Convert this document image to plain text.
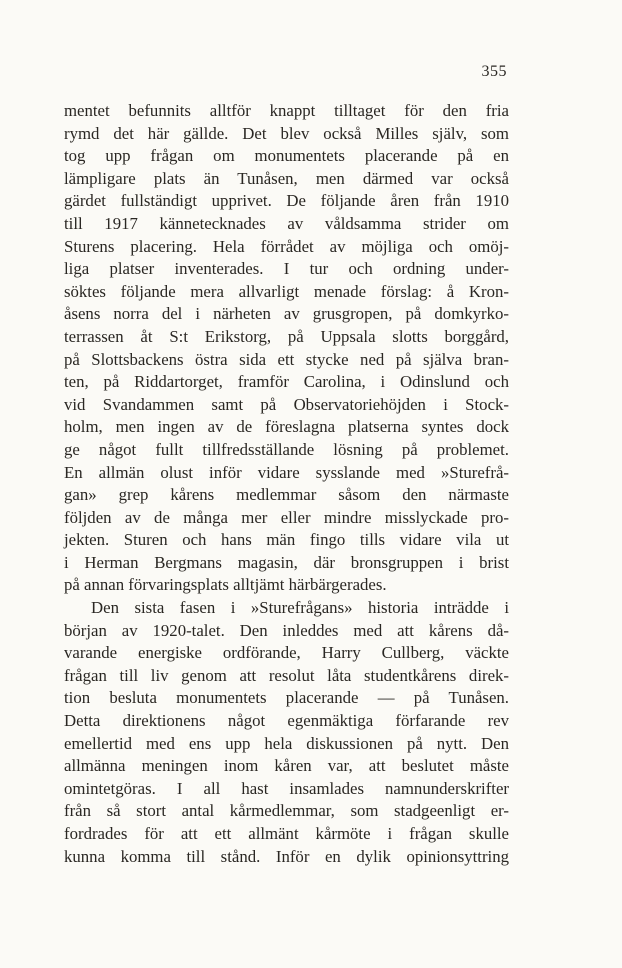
355
mentet befunnits alltför knappt tilltaget för den fria
rymd det här gällde. Det blev också Milles själv, som
tog upp frågan om monumentets placerande på en
lämpligare plats än Tunåsen, men därmed var också
gärdet fullständigt upprivet. De följande åren från 1910
till 1917 kännetecknades av våldsamma strider om
Sturens placering. Hela förrådet av möjliga och omöj-
liga platser inventerades. I tur och ordning under-
söktes följande mera allvarligt menade förslag: å Kron-
åsens norra del i närheten av grusgropen, på domkyrko-
terrassen åt S:t Erikstorg, på Uppsala slotts borggård,
på Slottsbackens östra sida ett stycke ned på själva bran-
ten, på Riddartorget, framför Carolina, i Odinslund och
vid Svandammen samt på Observatoriehöjden i Stock-
holm, men ingen av de föreslagna platserna syntes dock
ge något fullt tillfredsställande lösning på problemet.
En allmän olust inför vidare sysslande med »Sturefrå-
gan» grep kårens medlemmar såsom den närmaste
följden av de många mer eller mindre misslyckade pro-
jekten. Sturen och hans män fingo tills vidare vila ut
i Herman Bergmans magasin, där bronsgruppen i brist
på annan förvaringsplats alltjämt härbärgerades.
Den sista fasen i »Sturefrågans» historia inträdde i
början av 1920-talet. Den inleddes med att kårens då-
varande energiske ordförande, Harry Cullberg, väckte
frågan till liv genom att resolut låta studentkårens direk-
tion besluta monumentets placerande — på Tunåsen.
Detta direktionens något egenmäktiga förfarande rev
emellertid med ens upp hela diskussionen på nytt. Den
allmänna meningen inom kåren var, att beslutet måste
omintetgöras. I all hast insamlades namnunderskrifter
från så stort antal kårmedlemmar, som stadgeenligt er-
fordrades för att ett allmänt kårmöte i frågan skulle
kunna komma till stånd. Inför en dylik opinionsyttring
